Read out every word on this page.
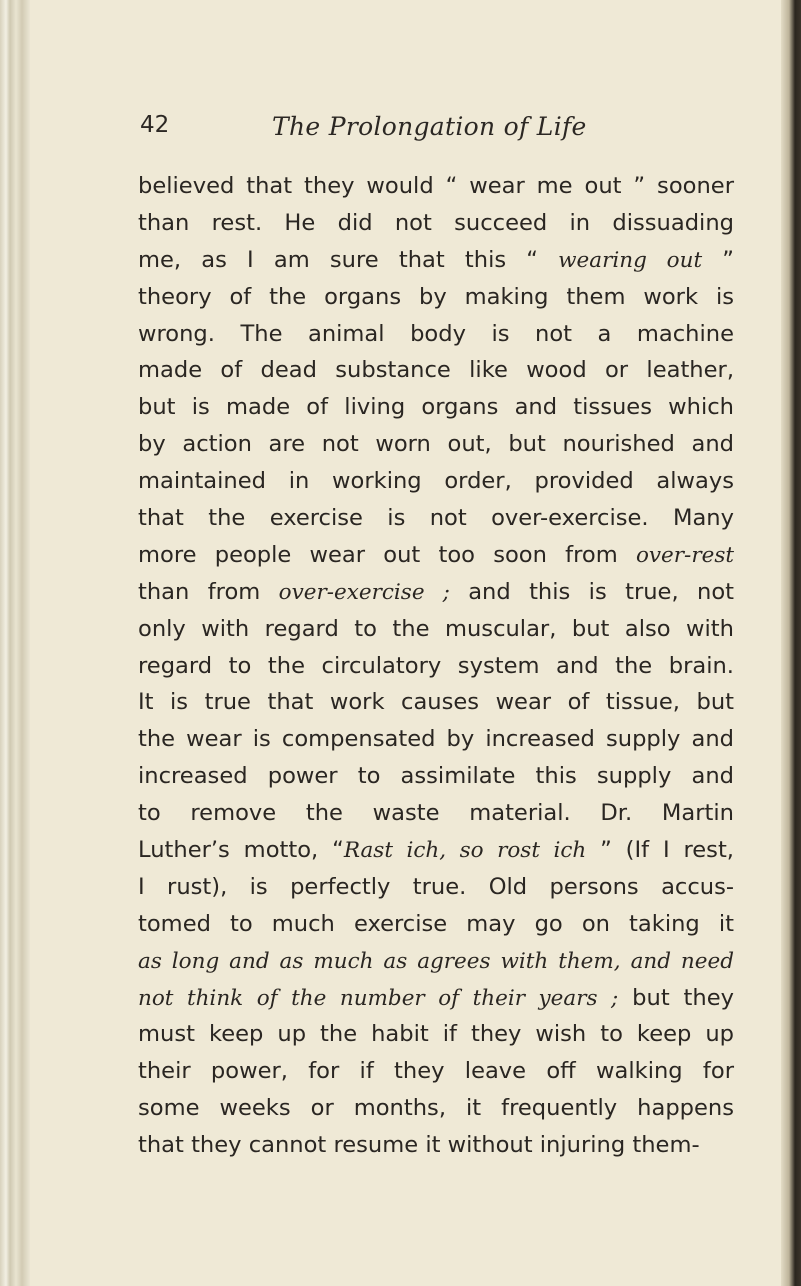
42	The Prolongation of Life
believed that they would “ wear me out ” sooner
than rest. He did not succeed in dissuading
me, as I am sure that this “ wearing out ”
theory of the organs by making them work is
wrong. The animal body is not a machine
made of dead substance like wood or leather,
but is made of living organs and tissues which
by action are not worn out, but nourished and
maintained in working order, provided always
that the exercise is not over-exercise. Many
more people wear out too soon from over-rest
than from over-exercise ; and this is true, not
only with regard to the muscular, but also with
regard to the circulatory system and the brain.
It is true that work causes wear of tissue, but
the wear is compensated by increased supply and
increased power to assimilate this supply and
to remove the waste material. Dr. Martin
Luther’s motto, “Rast ich, so rost ich ” (If I rest,
I rust), is perfectly true. Old persons accus-
tomed to much exercise may go on taking it
as long and as much as agrees with them, and need
not think of the number of their years ; but they
must keep up the habit if they wish to keep up
their power, for if they leave off walking for
some weeks or months, it frequently happens
that they cannot resume it without injuring them-
